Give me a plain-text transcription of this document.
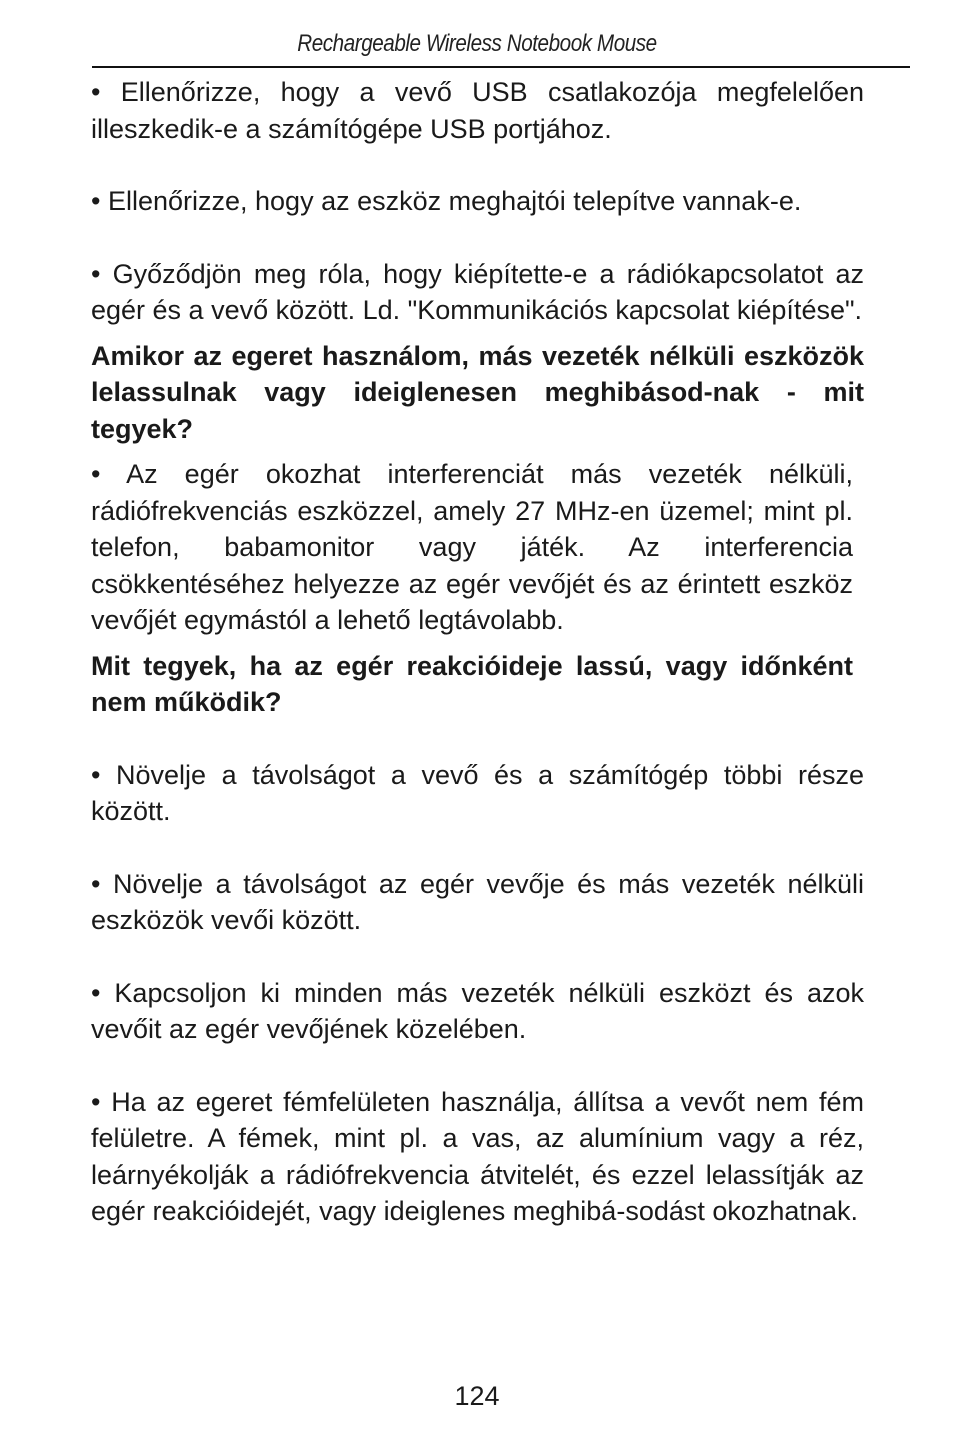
Rechargeable Wireless Notebook Mouse

• Ellenőrizze, hogy a vevő USB csatlakozója megfelelően illeszkedik-e a számítógépe USB portjához.

• Ellenőrizze, hogy az eszköz meghajtói telepítve vannak-e.

• Győződjön meg róla, hogy kiépítette-e a rádiókapcsolatot az egér és a vevő között. Ld. "Kommunikációs kapcsolat kiépítése".

Amikor az egeret használom, más vezeték nélküli eszközök lelassulnak vagy ideiglenesen meghibásod-nak - mit tegyek?

• Az egér okozhat interferenciát más vezeték nélküli, rádiófrekvenciás eszközzel, amely 27 MHz-en üzemel; mint pl. telefon, babamonitor vagy játék. Az interferencia csökkentéséhez helyezze az egér vevőjét és az érintett eszköz vevőjét egymástól a lehető legtávolabb.

Mit tegyek, ha az egér reakcióideje lassú, vagy időnként nem működik?

• Növelje a távolságot a vevő és a számítógép többi része között.

• Növelje a távolságot az egér vevője és más vezeték nélküli eszközök vevői között.

• Kapcsoljon ki minden más vezeték nélküli eszközt és azok vevőit az egér vevőjének közelében.

• Ha az egeret fémfelületen használja, állítsa a vevőt nem fém felületre. A fémek, mint pl. a vas, az alumínium vagy a réz, leárnyékolják a rádiófrekvencia átvitelét, és ezzel lelassítják az egér reakcióidejét, vagy ideiglenes meghibá-sodást okozhatnak.

124
